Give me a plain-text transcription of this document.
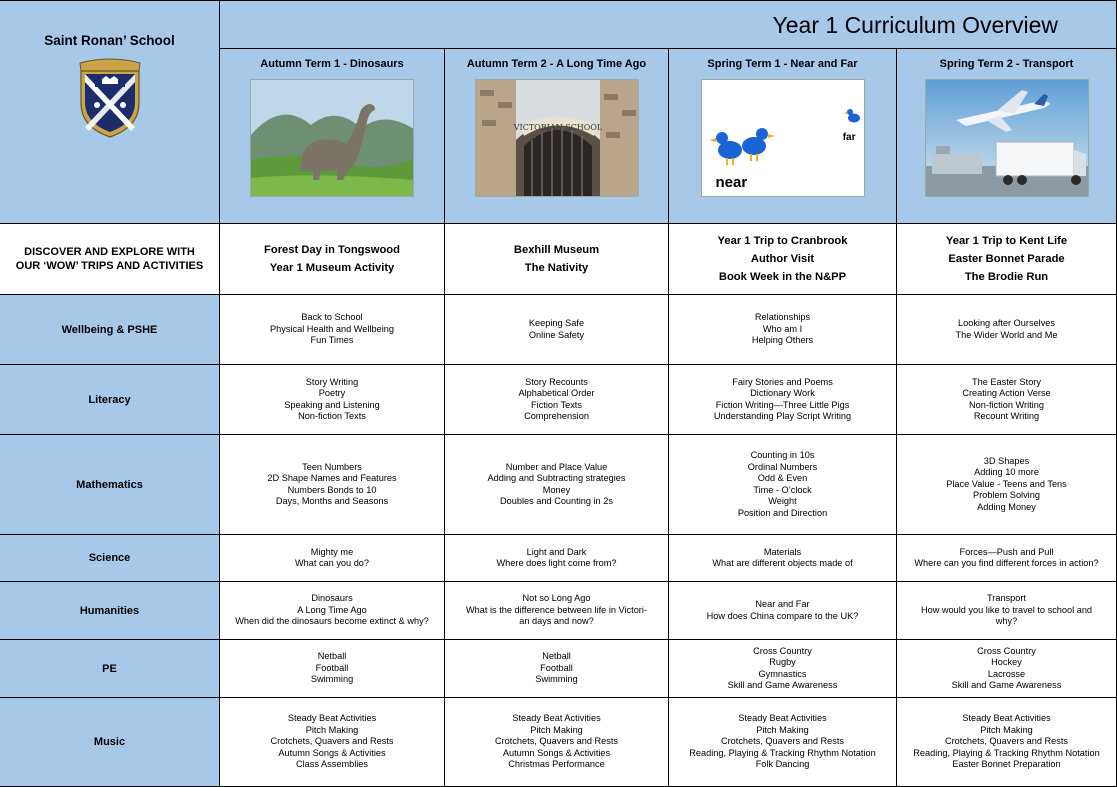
Saint Ronan’ School
Year 1 Curriculum Overview
Autumn Term 1 - Dinosaurs	Autumn Term 2 - A Long Time Ago
VICTORIAN SCHOOL
Spring Term 1 - Near and Far
near
far
Spring Term 2 - Transport
DISCOVER AND EXPLORE WITH
OUR ‘WOW’ TRIPS AND ACTIVITIES
Forest Day in Tongswood
Year 1 Museum Activity
Bexhill Museum
The Nativity
Year 1 Trip to Cranbrook
Author Visit
Book Week in the N&PP
Year 1 Trip to Kent Life
Easter Bonnet Parade
The Brodie Run
Wellbeing & PSHE
Back to School
Physical Health and Wellbeing
Fun Times
Keeping Safe
Online Safety
Relationships
Who am I
Helping Others
Looking after Ourselves
The Wider World and Me
Literacy
Story Writing
Poetry
Speaking and Listening
Non-fiction Texts
Story Recounts
Alphabetical Order
Fiction Texts
Comprehension
Fairy Stories and Poems
Dictionary Work
Fiction Writing—Three Little Pigs
Understanding Play Script Writing
The Easter Story
Creating Action Verse
Non-fiction Writing
Recount Writing
Mathematics
Teen Numbers
2D Shape Names and Features
Numbers Bonds to 10
Days, Months and Seasons
Number and Place Value
Adding and Subtracting strategies
Money
Doubles and Counting in 2s
Counting in 10s
Ordinal Numbers
Odd & Even
Time - O’clock
Weight
Position and Direction
3D Shapes
Adding 10 more
Place Value - Teens and Tens
Problem Solving
Adding Money
Science
Mighty me
What can you do?
Light and Dark
Where does light come from?
Materials
What are different objects made of
Forces—Push and Pull
Where can you find different forces in action?
Humanities
Dinosaurs
A Long Time Ago
When did the dinosaurs become extinct & why?
Not so Long Ago
What is the difference between life in Victori-
an days and now?
Near and Far
How does China compare to the UK?
Transport
How would you like to travel to school and
why?
PE
Netball
Football
Swimming
Netball
Football
Swimming
Cross Country
Rugby
Gymnastics
Skill and Game Awareness
Cross Country
Hockey
Lacrosse
Skill and Game Awareness
Music
Steady Beat Activities
Pitch Making
Crotchets, Quavers and Rests
Autumn Songs & Activities
Class Assemblies
Steady Beat Activities
Pitch Making
Crotchets, Quavers and Rests
Autumn Songs & Activities
Christmas Performance
Steady Beat Activities
Pitch Making
Crotchets, Quavers and Rests
Reading, Playing & Tracking Rhythm Notation
Folk Dancing
Steady Beat Activities
Pitch Making
Crotchets, Quavers and Rests
Reading, Playing & Tracking Rhythm Notation
Easter Bonnet Preparation
